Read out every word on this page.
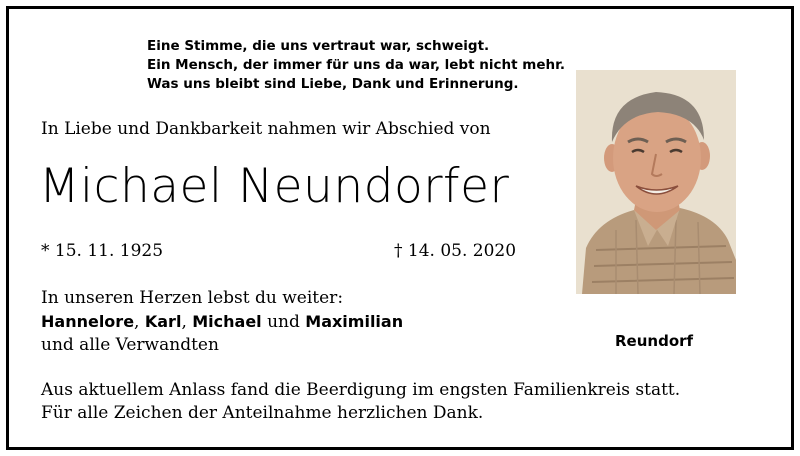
Eine Stimme, die uns vertraut war, schweigt.
Ein Mensch, der immer für uns da war, lebt nicht mehr.
Was uns bleibt sind Liebe, Dank und Erinnerung.
In Liebe und Dankbarkeit nahmen wir Abschied von
Michael Neundorfer
* 15. 11. 1925	† 14. 05. 2020
In unseren Herzen lebst du weiter:
Hannelore, Karl, Michael und Maximilian
und alle Verwandten	Reundorf
Aus aktuellem Anlass fand die Beerdigung im engsten Familienkreis statt.
Für alle Zeichen der Anteilnahme herzlichen Dank.
